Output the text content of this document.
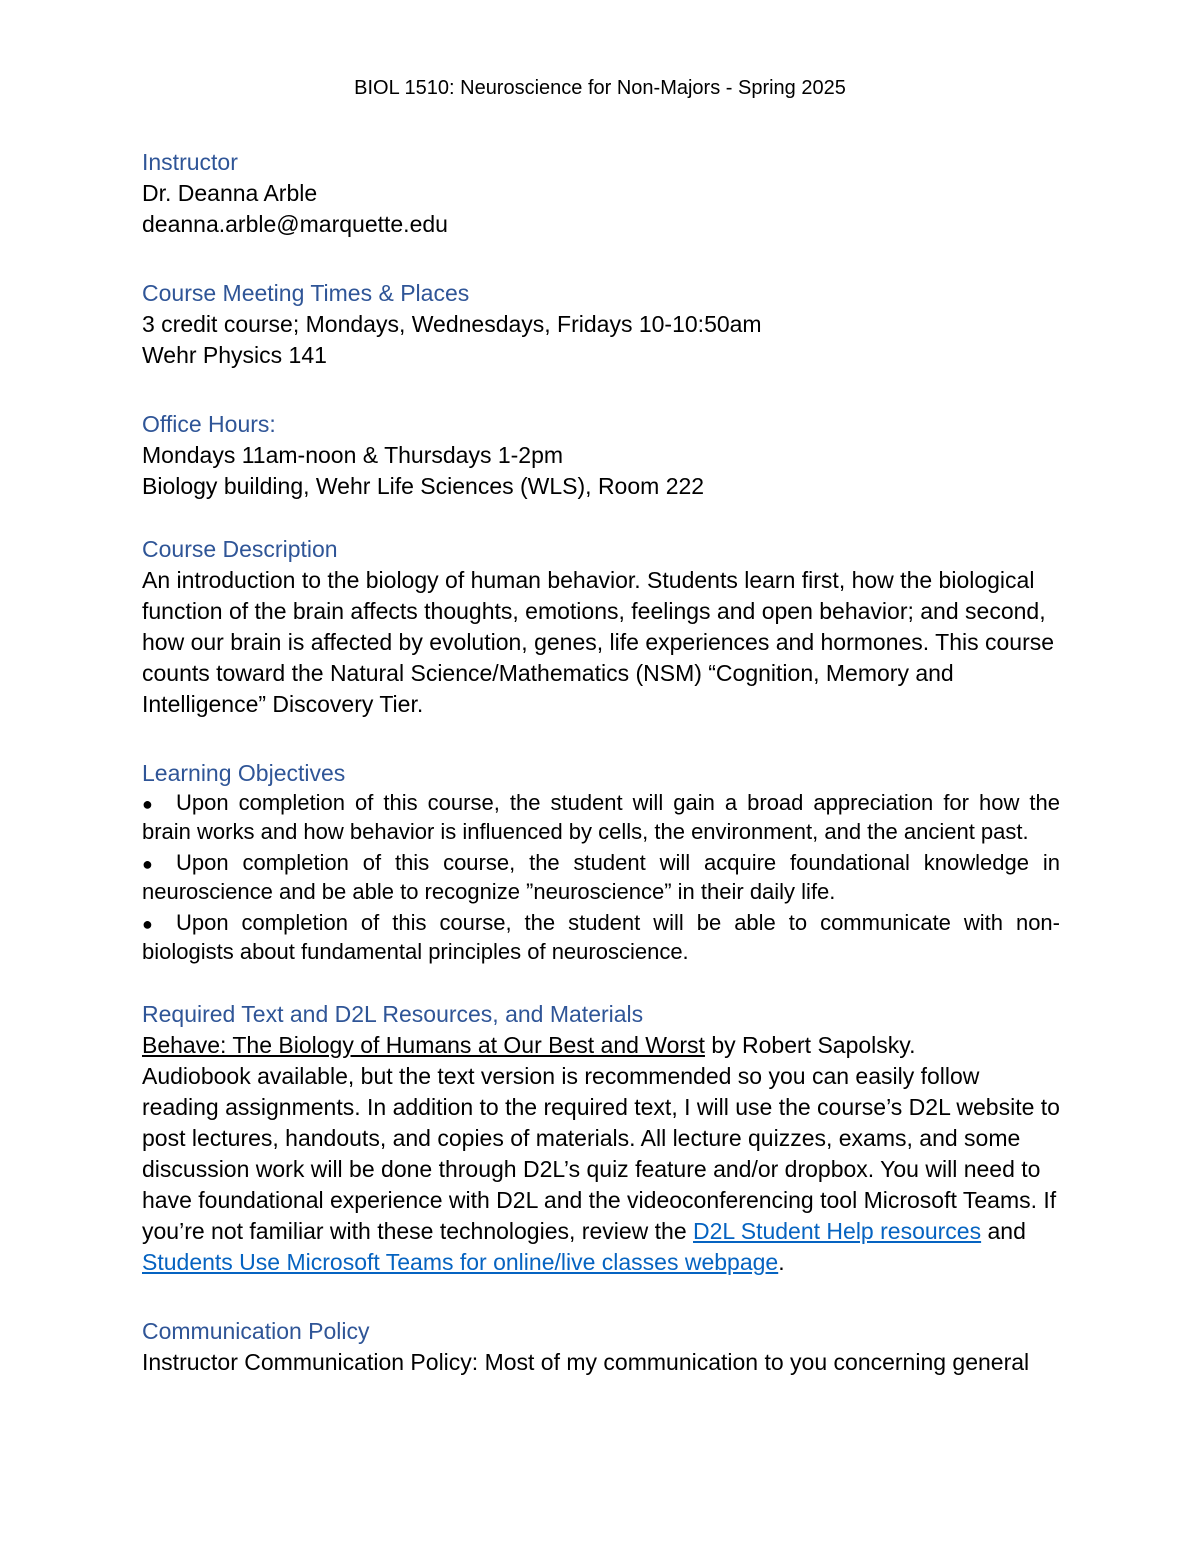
BIOL 1510: Neuroscience for Non-Majors - Spring 2025

Instructor

Dr. Deanna Arble

deanna.arble@marquette.edu

Course Meeting Times & Places

3 credit course; Mondays, Wednesdays, Fridays 10-10:50am

Wehr Physics 141

Office Hours:

Mondays 11am-noon & Thursdays 1-2pm

Biology building, Wehr Life Sciences (WLS), Room 222

Course Description

An introduction to the biology of human behavior. Students learn first, how the biological function of the brain affects thoughts, emotions, feelings and open behavior; and second, how our brain is affected by evolution, genes, life experiences and hormones. This course counts toward the Natural Science/Mathematics (NSM) “Cognition, Memory and Intelligence” Discovery Tier.

Learning Objectives

● Upon completion of this course, the student will gain a broad appreciation for how the brain works and how behavior is influenced by cells, the environment, and the ancient past.
● Upon completion of this course, the student will acquire foundational knowledge in neuroscience and be able to recognize ”neuroscience” in their daily life.
● Upon completion of this course, the student will be able to communicate with non-biologists about fundamental principles of neuroscience.

Required Text and D2L Resources, and Materials

Behave: The Biology of Humans at Our Best and Worst by Robert Sapolsky.

Audiobook available, but the text version is recommended so you can easily follow reading assignments. In addition to the required text, I will use the course’s D2L website to post lectures, handouts, and copies of materials. All lecture quizzes, exams, and some discussion work will be done through D2L’s quiz feature and/or dropbox. You will need to have foundational experience with D2L and the videoconferencing tool Microsoft Teams. If you’re not familiar with these technologies, review the D2L Student Help resources and Students Use Microsoft Teams for online/live classes webpage.

Communication Policy

Instructor Communication Policy: Most of my communication to you concerning general
